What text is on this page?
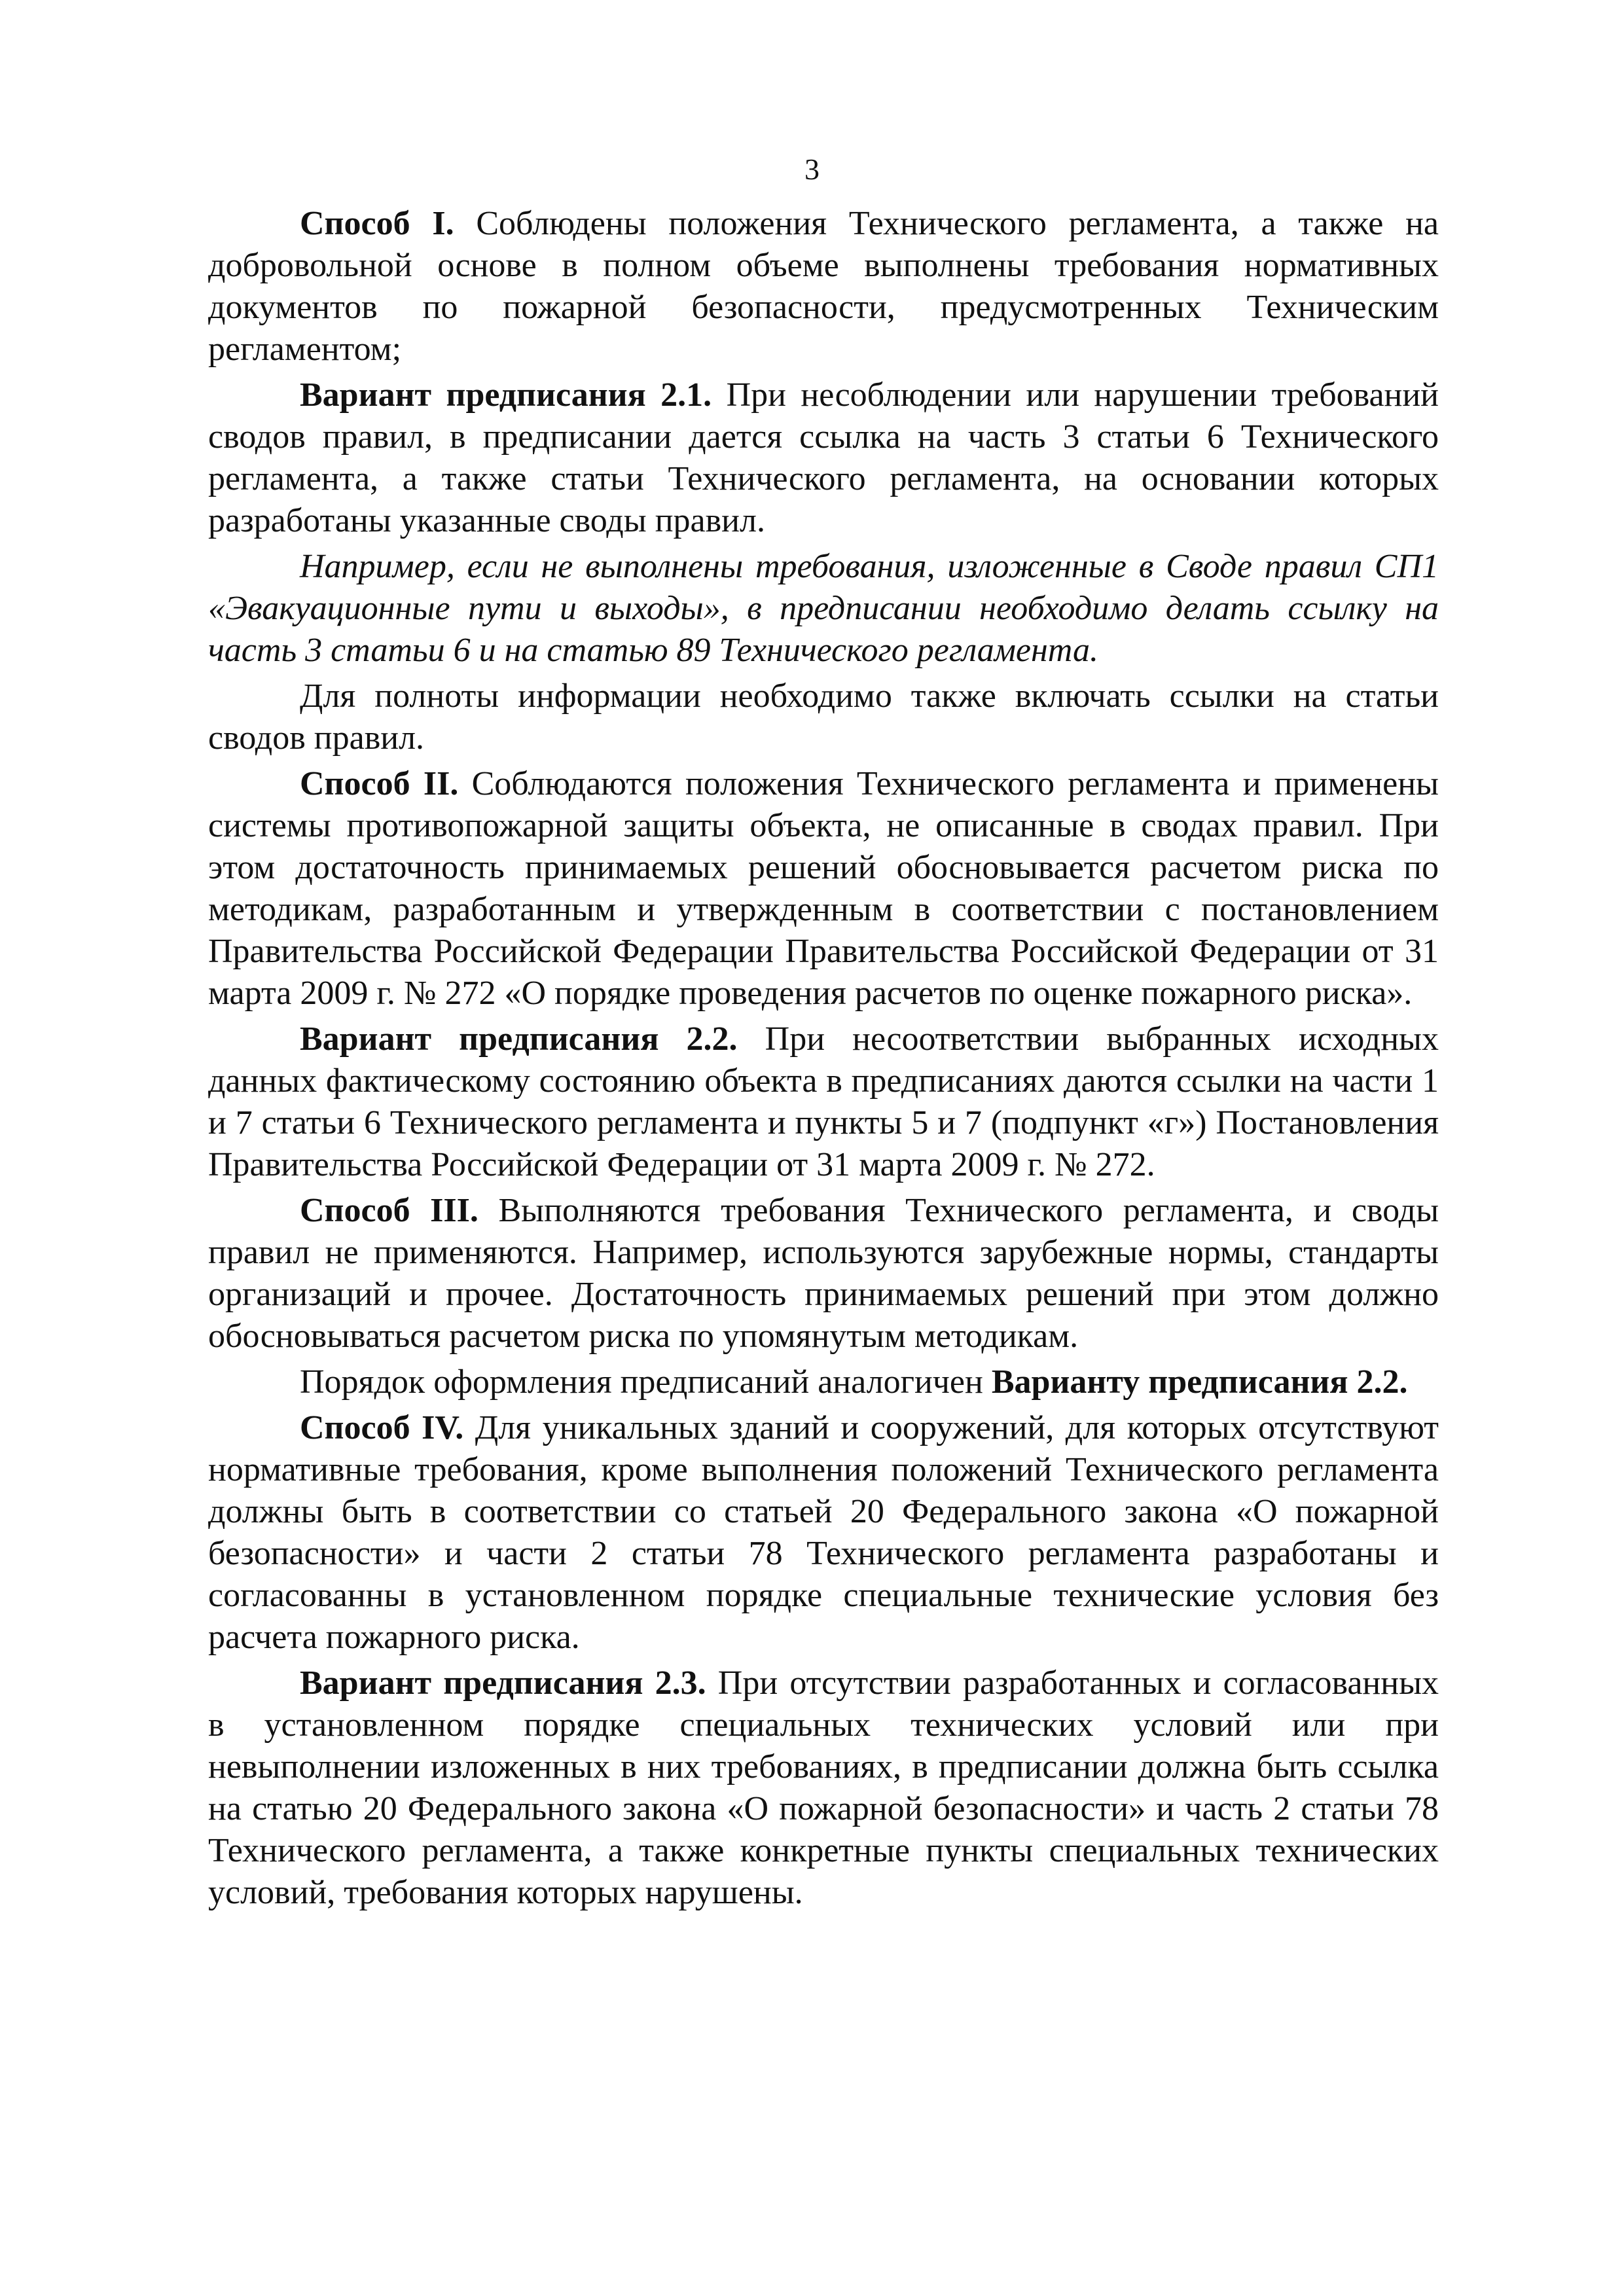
3

Способ I. Соблюдены положения Технического регламента, а также на добровольной основе в полном объеме выполнены требования нормативных документов по пожарной безопасности, предусмотренных Техническим регламентом;

Вариант предписания 2.1. При несоблюдении или нарушении требований сводов правил, в предписании дается ссылка на часть 3 статьи 6 Технического регламента, а также статьи Технического регламента, на основании которых разработаны указанные своды правил.

Например, если не выполнены требования, изложенные в Своде правил СП1 «Эвакуационные пути и выходы», в предписании необходимо делать ссылку на часть 3 статьи 6 и на статью 89 Технического регламента.

Для полноты информации необходимо также включать ссылки на статьи сводов правил.

Способ II. Соблюдаются положения Технического регламента и применены системы противопожарной защиты объекта, не описанные в сводах правил. При этом достаточность принимаемых решений обосновывается расчетом риска по методикам, разработанным и утвержденным в соответствии с постановлением Правительства Российской Федерации Правительства Российской Федерации от 31 марта 2009 г. № 272 «О порядке проведения расчетов по оценке пожарного риска».

Вариант предписания 2.2. При несоответствии выбранных исходных данных фактическому состоянию объекта в предписаниях даются ссылки на части 1 и 7 статьи 6 Технического регламента и пункты 5 и 7 (подпункт «г») Постановления Правительства Российской Федерации от 31 марта 2009 г. № 272.

Способ III. Выполняются требования Технического регламента, и своды правил не применяются. Например, используются зарубежные нормы, стандарты организаций и прочее. Достаточность принимаемых решений при этом должно обосновываться расчетом риска по упомянутым методикам.

Порядок оформления предписаний аналогичен Варианту предписания 2.2.

Способ IV. Для уникальных зданий и сооружений, для которых отсутствуют нормативные требования, кроме выполнения положений Технического регламента должны быть в соответствии со статьей 20 Федерального закона «О пожарной безопасности» и части 2 статьи 78 Технического регламента разработаны и согласованны в установленном порядке специальные технические условия без расчета пожарного риска.

Вариант предписания 2.3. При отсутствии разработанных и согласованных в установленном порядке специальных технических условий или при невыполнении изложенных в них требованиях, в предписании должна быть ссылка на статью 20 Федерального закона «О пожарной безопасности» и часть 2 статьи 78 Технического регламента, а также конкретные пункты специальных технических условий, требования которых нарушены.
